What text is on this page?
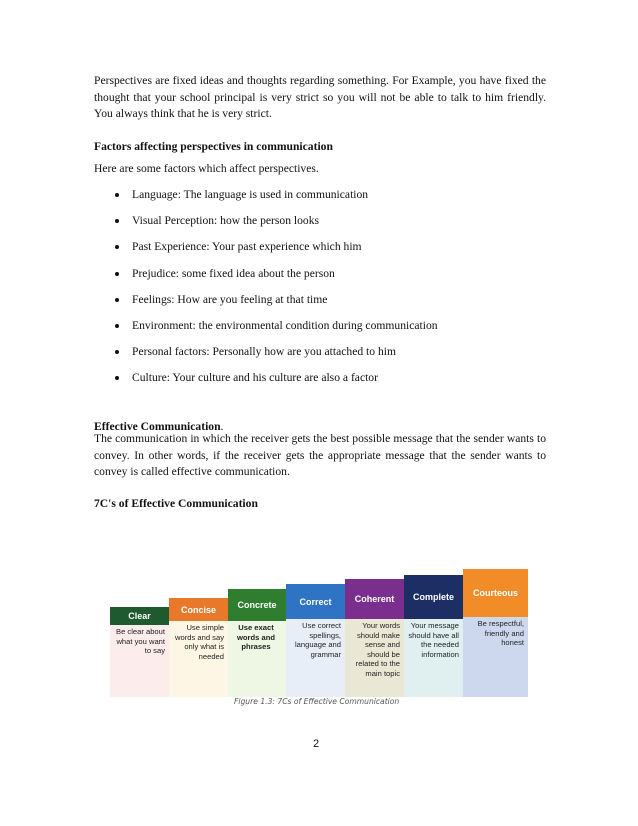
Perspectives are fixed ideas and thoughts regarding something. For Example, you have fixed the thought that your school principal is very strict so you will not be able to talk to him friendly. You always think that he is very strict.

Factors affecting perspectives in communication

Here are some factors which affect perspectives.

Language: The language is used in communication
Visual Perception: how the person looks
Past Experience: Your past experience which him
Prejudice: some fixed idea about the person
Feelings: How are you feeling at that time
Environment: the environmental condition during communication
Personal factors: Personally how are you attached to him
Culture: Your culture and his culture are also a factor

Effective Communication.

The communication in which the receiver gets the best possible message that the sender wants to convey. In other words, if the receiver gets the appropriate message that the sender wants to convey is called effective communication.

7C's of Effective Communication

Clear
Be clear about what you want to say
Concise
Use simple words and say only what is needed
Concrete
Use exact words and phrases
Correct
Use correct spellings, language and grammar
Coherent
Your words should make sense and should be related to the main topic
Complete
Your message should have all the needed information
Courteous
Be respectful, friendly and honest
Figure 1.3: 7Cs of Effective Communication
2
